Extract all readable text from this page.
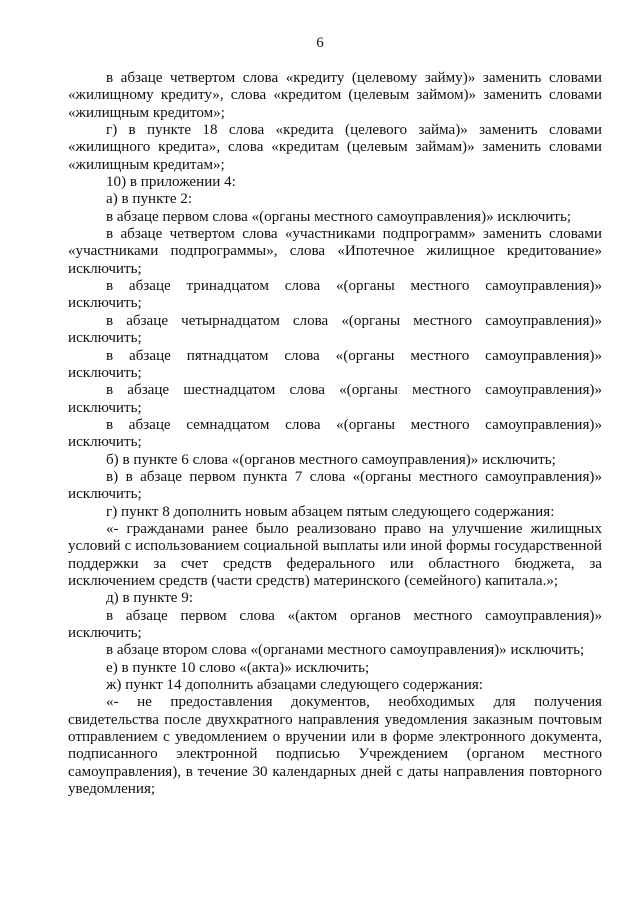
6

в абзаце четвертом слова «кредиту (целевому займу)» заменить словами «жилищному кредиту», слова «кредитом (целевым займом)» заменить словами «жилищным кредитом»;

г) в пункте 18 слова «кредита (целевого займа)» заменить словами «жилищного кредита», слова «кредитам (целевым займам)» заменить словами «жилищным кредитам»;

10) в приложении 4:

а) в пункте 2:

в абзаце первом слова «(органы местного самоуправления)» исключить;

в абзаце четвертом слова «участниками подпрограмм» заменить словами «участниками подпрограммы», слова «Ипотечное жилищное кредитование» исключить;

в абзаце тринадцатом слова «(органы местного самоуправления)» исключить;

в абзаце четырнадцатом слова «(органы местного самоуправления)» исключить;

в абзаце пятнадцатом слова «(органы местного самоуправления)» исключить;

в абзаце шестнадцатом слова «(органы местного самоуправления)» исключить;

в абзаце семнадцатом слова «(органы местного самоуправления)» исключить;

б) в пункте 6 слова «(органов местного самоуправления)» исключить;

в) в абзаце первом пункта 7 слова «(органы местного самоуправления)» исключить;

г) пункт 8 дополнить новым абзацем пятым следующего содержания:

«- гражданами ранее было реализовано право на улучшение жилищных условий с использованием социальной выплаты или иной формы государственной поддержки за счет средств федерального или областного бюджета, за исключением средств (части средств) материнского (семейного) капитала.»;

д) в пункте 9:

в абзаце первом слова «(актом органов местного самоуправления)» исключить;

в абзаце втором слова «(органами местного самоуправления)» исключить;

е) в пункте 10 слово «(акта)» исключить;

ж) пункт 14 дополнить абзацами следующего содержания:

«- не предоставления документов, необходимых для получения свидетельства после двухкратного направления уведомления заказным почтовым отправлением с уведомлением о вручении или в форме электронного документа, подписанного электронной подписью Учреждением (органом местного самоуправления), в течение 30 календарных дней с даты направления повторного уведомления;
